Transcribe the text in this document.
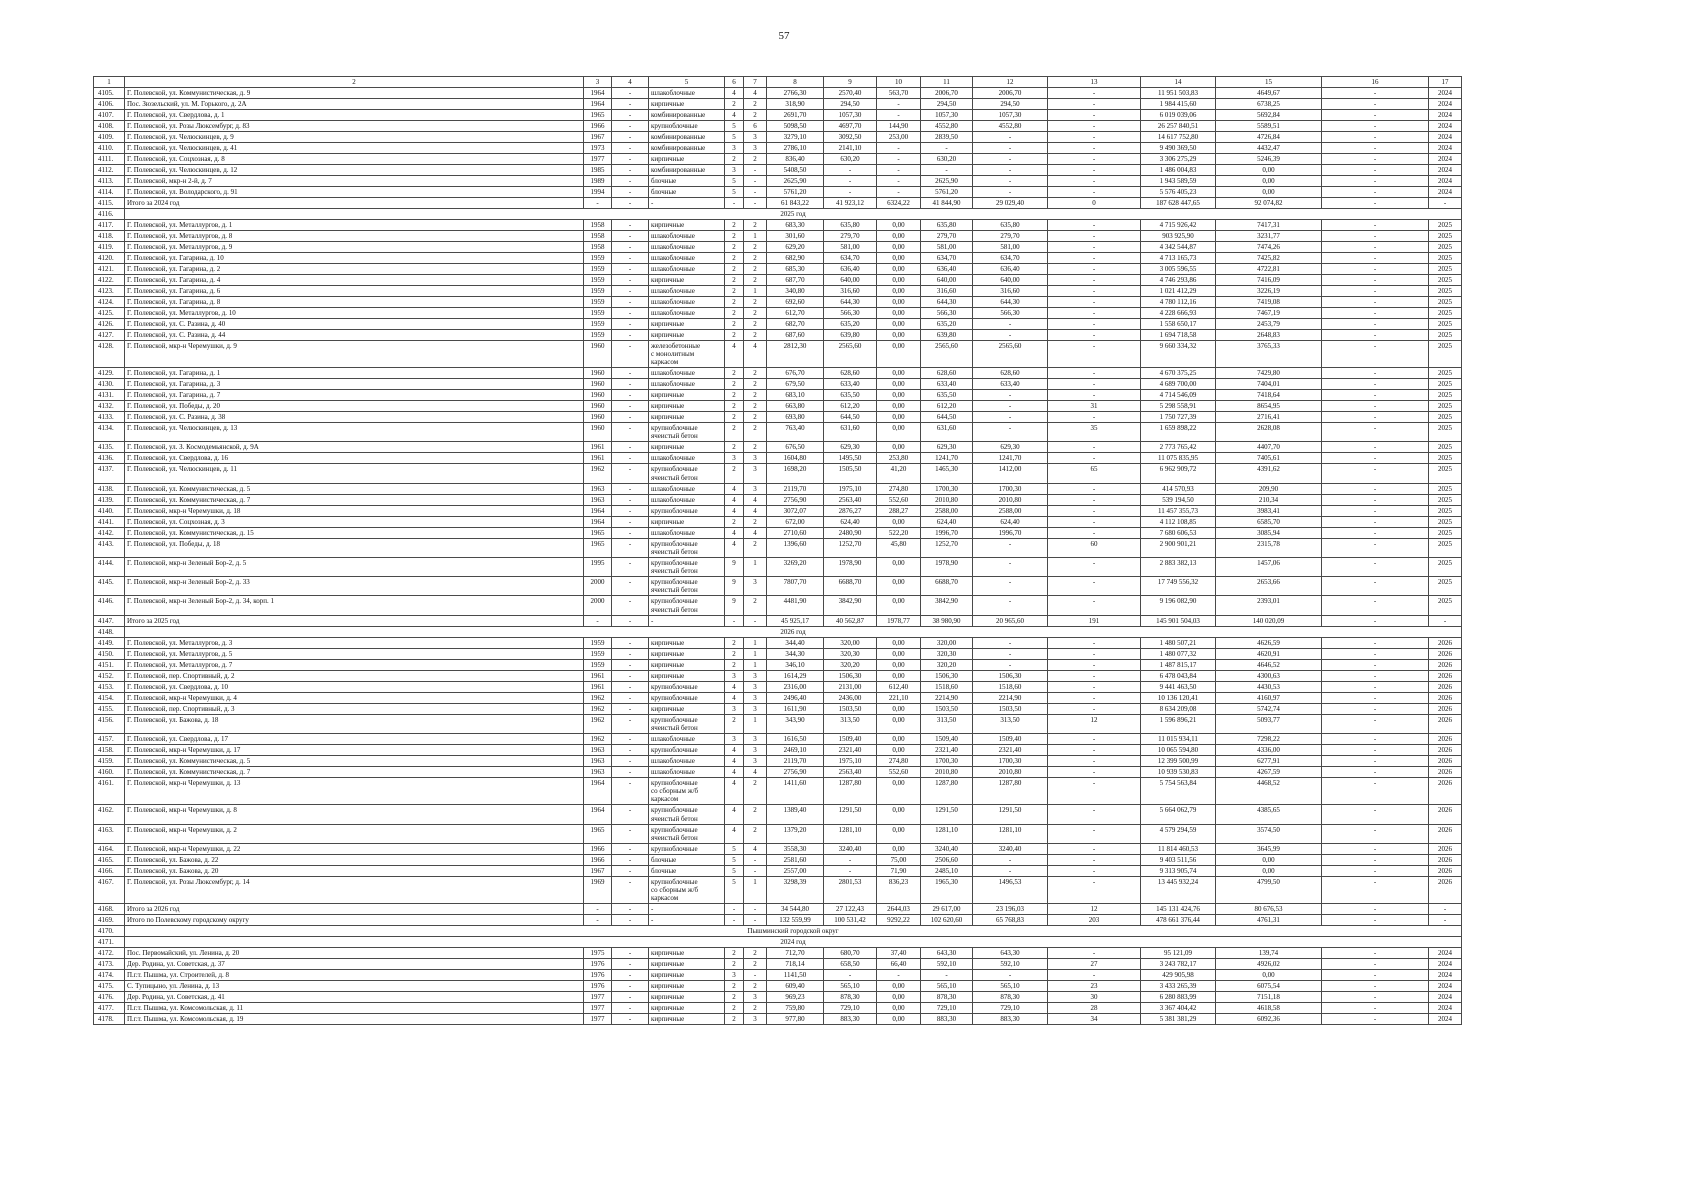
57
1	2	3	4	5	6	7	8	9	10	11	12	13	14	15	16	17
4105.	Г. Полевской, ул. Коммунистическая, д. 9	1964	-	шлакоблочные	4	4	2766,30	2570,40	563,70	2006,70	2006,70	-	11 951 503,83	4649,67	-	2024
4106.	Пос. Зюзельский, ул. М. Горького, д. 2А	1964	-	кирпичные	2	2	318,90	294,50	-	294,50	294,50	-	1 984 415,60	6738,25	-	2024
4107.	Г. Полевской, ул. Свердлова, д. 1	1965	-	комбинированные	4	2	2691,70	1057,30	-	1057,30	1057,30	-	6 019 039,06	5692,84	-	2024
4108.	Г. Полевской, ул. Розы Люксембург, д. 83	1966	-	крупноблочные	5	6	5098,50	4697,70	144,90	4552,80	4552,80	-	26 257 840,51	5589,51	-	2024
4109.	Г. Полевской, ул. Челюскинцев, д. 9	1967	-	комбинированные	5	3	3279,10	3092,50	253,00	2839,50	-	-	14 617 752,80	4726,84	-	2024
4110.	Г. Полевской, ул. Челюскинцев, д. 41	1973	-	комбинированные	3	3	2786,10	2141,10	-	-	-	-	9 490 369,50	4432,47	-	2024
4111.	Г. Полевской, ул. Соцхозная, д. 8	1977	-	кирпичные	2	2	836,40	630,20	-	630,20	-	-	3 306 275,29	5246,39	-	2024
4112.	Г. Полевской, ул. Челюскинцев, д. 12	1985	-	комбинированные	3	-	5408,50	-	-	-	-	-	1 486 004,83	0,00	-	2024
4113.	Г. Полевской, мкр-н 2-й, д. 7	1989	-	блочные	5	-	2625,90	-	-	2625,90	-	-	1 943 589,59	0,00	-	2024
4114.	Г. Полевской, ул. Володарского, д. 91	1994	-	блочные	5	-	5761,20	-	-	5761,20	-	-	5 576 405,23	0,00	-	2024
4115.	Итого за 2024 год	-	-	-	-	-	61 843,22	41 923,12	6324,22	41 844,90	29 029,40	0	187 628 447,65	92 074,82	-	-
4116.	2025 год															
4117.	Г. Полевской, ул. Металлургов, д. 1	1958	-	кирпичные	2	2	683,30	635,80	0,00	635,80	635,80	-	4 715 926,42	7417,31	-	2025
4118.	Г. Полевской, ул. Металлургов, д. 8	1958	-	шлакоблочные	2	1	301,60	279,70	0,00	279,70	279,70	-	903 925,90	3231,77	-	2025
4119.	Г. Полевской, ул. Металлургов, д. 9	1958	-	шлакоблочные	2	2	629,20	581,00	0,00	581,00	581,00	-	4 342 544,87	7474,26	-	2025
4120.	Г. Полевской, ул. Гагарина, д. 10	1959	-	шлакоблочные	2	2	682,90	634,70	0,00	634,70	634,70	-	4 713 165,73	7425,82	-	2025
4121.	Г. Полевской, ул. Гагарина, д. 2	1959	-	шлакоблочные	2	2	685,30	636,40	0,00	636,40	636,40	-	3 005 596,55	4722,81	-	2025
4122.	Г. Полевской, ул. Гагарина, д. 4	1959	-	кирпичные	2	2	687,70	640,00	0,00	640,00	640,00	-	4 746 293,86	7416,09	-	2025
4123.	Г. Полевской, ул. Гагарина, д. 6	1959	-	шлакоблочные	2	1	340,80	316,60	0,00	316,60	316,60	-	1 021 412,29	3226,19	-	2025
4124.	Г. Полевской, ул. Гагарина, д. 8	1959	-	шлакоблочные	2	2	692,60	644,30	0,00	644,30	644,30	-	4 780 112,16	7419,08	-	2025
4125.	Г. Полевской, ул. Металлургов, д. 10	1959	-	шлакоблочные	2	2	612,70	566,30	0,00	566,30	566,30	-	4 228 666,93	7467,19	-	2025
4126.	Г. Полевской, ул. С. Разина, д. 40	1959	-	кирпичные	2	2	682,70	635,20	0,00	635,20	-	-	1 558 650,17	2453,79	-	2025
4127.	Г. Полевской, ул. С. Разина, д. 44	1959	-	кирпичные	2	2	687,60	639,80	0,00	639,80	-	-	1 694 718,58	2648,83	-	2025
4128.	Г. Полевской, мкр-н Черемушки, д. 9	1960	-	железобетонные
с монолитным
каркасом	4	4	2812,30	2565,60	0,00	2565,60	2565,60	-	9 660 334,32	3765,33	-	2025
4129.	Г. Полевской, ул. Гагарина, д. 1	1960	-	шлакоблочные	2	2	676,70	628,60	0,00	628,60	628,60	-	4 670 375,25	7429,80	-	2025
4130.	Г. Полевской, ул. Гагарина, д. 3	1960	-	шлакоблочные	2	2	679,50	633,40	0,00	633,40	633,40	-	4 689 700,00	7404,01	-	2025
4131.	Г. Полевской, ул. Гагарина, д. 7	1960	-	кирпичные	2	2	683,10	635,50	0,00	635,50	-	-	4 714 546,09	7418,64	-	2025
4132.	Г. Полевской, ул. Победы, д. 20	1960	-	кирпичные	2	2	663,80	612,20	0,00	612,20	-	31	5 298 558,91	8654,95	-	2025
4133.	Г. Полевской, ул. С. Разина, д. 38	1960	-	кирпичные	2	2	693,80	644,50	0,00	644,50	-	-	1 750 727,39	2716,41	-	2025
4134.	Г. Полевской, ул. Челюскинцев, д. 13	1960	-	крупноблочные
ячеистый бетон	2	2	763,40	631,60	0,00	631,60	-	35	1 659 898,22	2628,08	-	2025
4135.	Г. Полевской, ул. З. Космодемьянской, д. 9А	1961	-	кирпичные	2	2	676,50	629,30	0,00	629,30	629,30	-	2 773 765,42	4407,70	-	2025
4136.	Г. Полевской, ул. Свердлова, д. 16	1961	-	шлакоблочные	3	3	1604,80	1495,50	253,80	1241,70	1241,70	-	11 075 835,95	7405,61	-	2025
4137.	Г. Полевской, ул. Челюскинцев, д. 11	1962	-	крупноблочные
ячеистый бетон	2	3	1698,20	1505,50	41,20	1465,30	1412,00	65	6 962 909,72	4391,62	-	2025
4138.	Г. Полевской, ул. Коммунистическая, д. 5	1963	-	шлакоблочные	4	3	2119,70	1975,10	274,80	1700,30	1700,30	-	414 570,93	209,90	-	2025
4139.	Г. Полевской, ул. Коммунистическая, д. 7	1963	-	шлакоблочные	4	4	2756,90	2563,40	552,60	2010,80	2010,80	-	539 194,50	210,34	-	2025
4140.	Г. Полевской, мкр-н Черемушки, д. 18	1964	-	крупноблочные	4	4	3072,07	2876,27	288,27	2588,00	2588,00	-	11 457 355,73	3983,41	-	2025
4141.	Г. Полевской, ул. Соцхозная, д. 3	1964	-	кирпичные	2	2	672,00	624,40	0,00	624,40	624,40	-	4 112 108,85	6585,70	-	2025
4142.	Г. Полевской, ул. Коммунистическая, д. 15	1965	-	шлакоблочные	4	4	2710,60	2480,90	522,20	1996,70	1996,70	-	7 680 606,53	3085,94	-	2025
4143.	Г. Полевской, ул. Победы, д. 18	1965	-	крупноблочные
ячеистый бетон	4	2	1396,60	1252,70	45,80	1252,70	-	60	2 900 901,21	2315,78	-	2025
4144.	Г. Полевской, мкр-н Зеленый Бор-2, д. 5	1995	-	крупноблочные
ячеистый бетон	9	1	3269,20	1978,90	0,00	1978,90	-	-	2 883 382,13	1457,06	-	2025
4145.	Г. Полевской, мкр-н Зеленый Бор-2, д. 33	2000	-	крупноблочные
ячеистый бетон	9	3	7807,70	6688,70	0,00	6688,70	-	-	17 749 556,32	2653,66	-	2025
4146.	Г. Полевской, мкр-н Зеленый Бор-2, д. 34, корп. 1	2000	-	крупноблочные
ячеистый бетон	9	2	4481,90	3842,90	0,00	3842,90	-	-	9 196 082,90	2393,01	-	2025
4147.	Итого за 2025 год	-	-	-	-	-	45 925,17	40 562,87	1978,77	38 980,90	20 965,60	191	145 901 504,03	140 020,09	-	-
4148.	2026 год															
4149.	Г. Полевской, ул. Металлургов, д. 3	1959	-	кирпичные	2	1	344,40	320,00	0,00	320,00	-	-	1 480 507,21	4626,59	-	2026
4150.	Г. Полевской, ул. Металлургов, д. 5	1959	-	кирпичные	2	1	344,30	320,30	0,00	320,30	-	-	1 480 077,32	4620,91	-	2026
4151.	Г. Полевской, ул. Металлургов, д. 7	1959	-	кирпичные	2	1	346,10	320,20	0,00	320,20	-	-	1 487 815,17	4646,52	-	2026
4152.	Г. Полевской, пер. Спортивный, д. 2	1961	-	кирпичные	3	3	1614,29	1506,30	0,00	1506,30	1506,30	-	6 478 043,84	4300,63	-	2026
4153.	Г. Полевской, ул. Свердлова, д. 10	1961	-	крупноблочные	4	3	2316,00	2131,00	612,40	1518,60	1518,60	-	9 441 463,50	4430,53	-	2026
4154.	Г. Полевской, мкр-н Черемушки, д. 4	1962	-	крупноблочные	4	3	2496,40	2436,00	221,10	2214,90	2214,90	-	10 136 120,41	4160,97	-	2026
4155.	Г. Полевской, пер. Спортивный, д. 3	1962	-	кирпичные	3	3	1611,90	1503,50	0,00	1503,50	1503,50	-	8 634 209,08	5742,74	-	2026
4156.	Г. Полевской, ул. Бажова, д. 18	1962	-	крупноблочные
ячеистый бетон	2	1	343,90	313,50	0,00	313,50	313,50	12	1 596 896,21	5093,77	-	2026
4157.	Г. Полевской, ул. Свердлова, д. 17	1962	-	шлакоблочные	3	3	1616,50	1509,40	0,00	1509,40	1509,40	-	11 015 934,11	7298,22	-	2026
4158.	Г. Полевской, мкр-н Черемушки, д. 17	1963	-	крупноблочные	4	3	2469,10	2321,40	0,00	2321,40	2321,40	-	10 065 594,80	4336,00	-	2026
4159.	Г. Полевской, ул. Коммунистическая, д. 5	1963	-	шлакоблочные	4	3	2119,70	1975,10	274,80	1700,30	1700,30	-	12 399 500,99	6277,91	-	2026
4160.	Г. Полевской, ул. Коммунистическая, д. 7	1963	-	шлакоблочные	4	4	2756,90	2563,40	552,60	2010,80	2010,80	-	10 939 530,83	4267,59	-	2026
4161.	Г. Полевской, мкр-н Черемушки, д. 13	1964	-	крупноблочные
со сборным ж/б
каркасом	4	2	1411,60	1287,80	0,00	1287,80	1287,80	-	5 754 563,84	4468,52	-	2026
4162.	Г. Полевской, мкр-н Черемушки, д. 8	1964	-	крупноблочные
ячеистый бетон	4	2	1389,40	1291,50	0,00	1291,50	1291,50	-	5 664 062,79	4385,65	-	2026
4163.	Г. Полевской, мкр-н Черемушки, д. 2	1965	-	крупноблочные
ячеистый бетон	4	2	1379,20	1281,10	0,00	1281,10	1281,10	-	4 579 294,59	3574,50	-	2026
4164.	Г. Полевской, мкр-н Черемушки, д. 22	1966	-	крупноблочные	5	4	3558,30	3240,40	0,00	3240,40	3240,40	-	11 814 460,53	3645,99	-	2026
4165.	Г. Полевской, ул. Бажова, д. 22	1966	-	блочные	5	-	2581,60	-	75,00	2506,60	-	-	9 403 511,56	0,00	-	2026
4166.	Г. Полевской, ул. Бажова, д. 20	1967	-	блочные	5	-	2557,00	-	71,90	2485,10	-	-	9 313 905,74	0,00	-	2026
4167.	Г. Полевской, ул. Розы Люксембург, д. 14	1969	-	крупноблочные
со сборным ж/б
каркасом	5	1	3298,39	2801,53	836,23	1965,30	1496,53	-	13 445 932,24	4799,50	-	2026
4168.	Итого за 2026 год	-	-	-	-	-	34 544,80	27 122,43	2644,03	29 617,00	23 196,03	12	145 131 424,76	80 676,53	-	-
4169.	Итого по Полевскому городскому округу	-	-	-	-	-	132 559,99	100 531,42	9292,22	102 620,60	65 768,83	203	478 661 376,44	4761,31	-	-
4170.	Пышминский городской округ															
4171.	2024 год															
4172.	Пос. Первомайский, ул. Ленина, д. 20	1975	-	кирпичные	2	2	712,70	680,70	37,40	643,30	643,30	-	95 121,09	139,74	-	2024
4173.	Дер. Родина, ул. Советская, д. 37	1976	-	кирпичные	2	2	718,14	658,50	66,40	592,10	592,10	27	3 243 782,17	4926,02	-	2024
4174.	П.г.т. Пышма, ул. Строителей, д. 8	1976	-	кирпичные	3	-	1141,50	-	-	-	-	-	429 905,98	0,00	-	2024
4175.	С. Тупицыно, ул. Ленина, д. 13	1976	-	кирпичные	2	2	609,40	565,10	0,00	565,10	565,10	23	3 433 265,39	6075,54	-	2024
4176.	Дер. Родина, ул. Советская, д. 41	1977	-	кирпичные	2	3	969,23	878,30	0,00	878,30	878,30	30	6 280 883,99	7151,18	-	2024
4177.	П.г.т. Пышма, ул. Комсомольская, д. 11	1977	-	кирпичные	2	2	759,80	729,10	0,00	729,10	729,10	28	3 367 404,42	4618,58	-	2024
4178.	П.г.т. Пышма, ул. Комсомольская, д. 19	1977	-	кирпичные	2	3	977,80	883,30	0,00	883,30	883,30	34	5 381 381,29	6092,36	-	2024
